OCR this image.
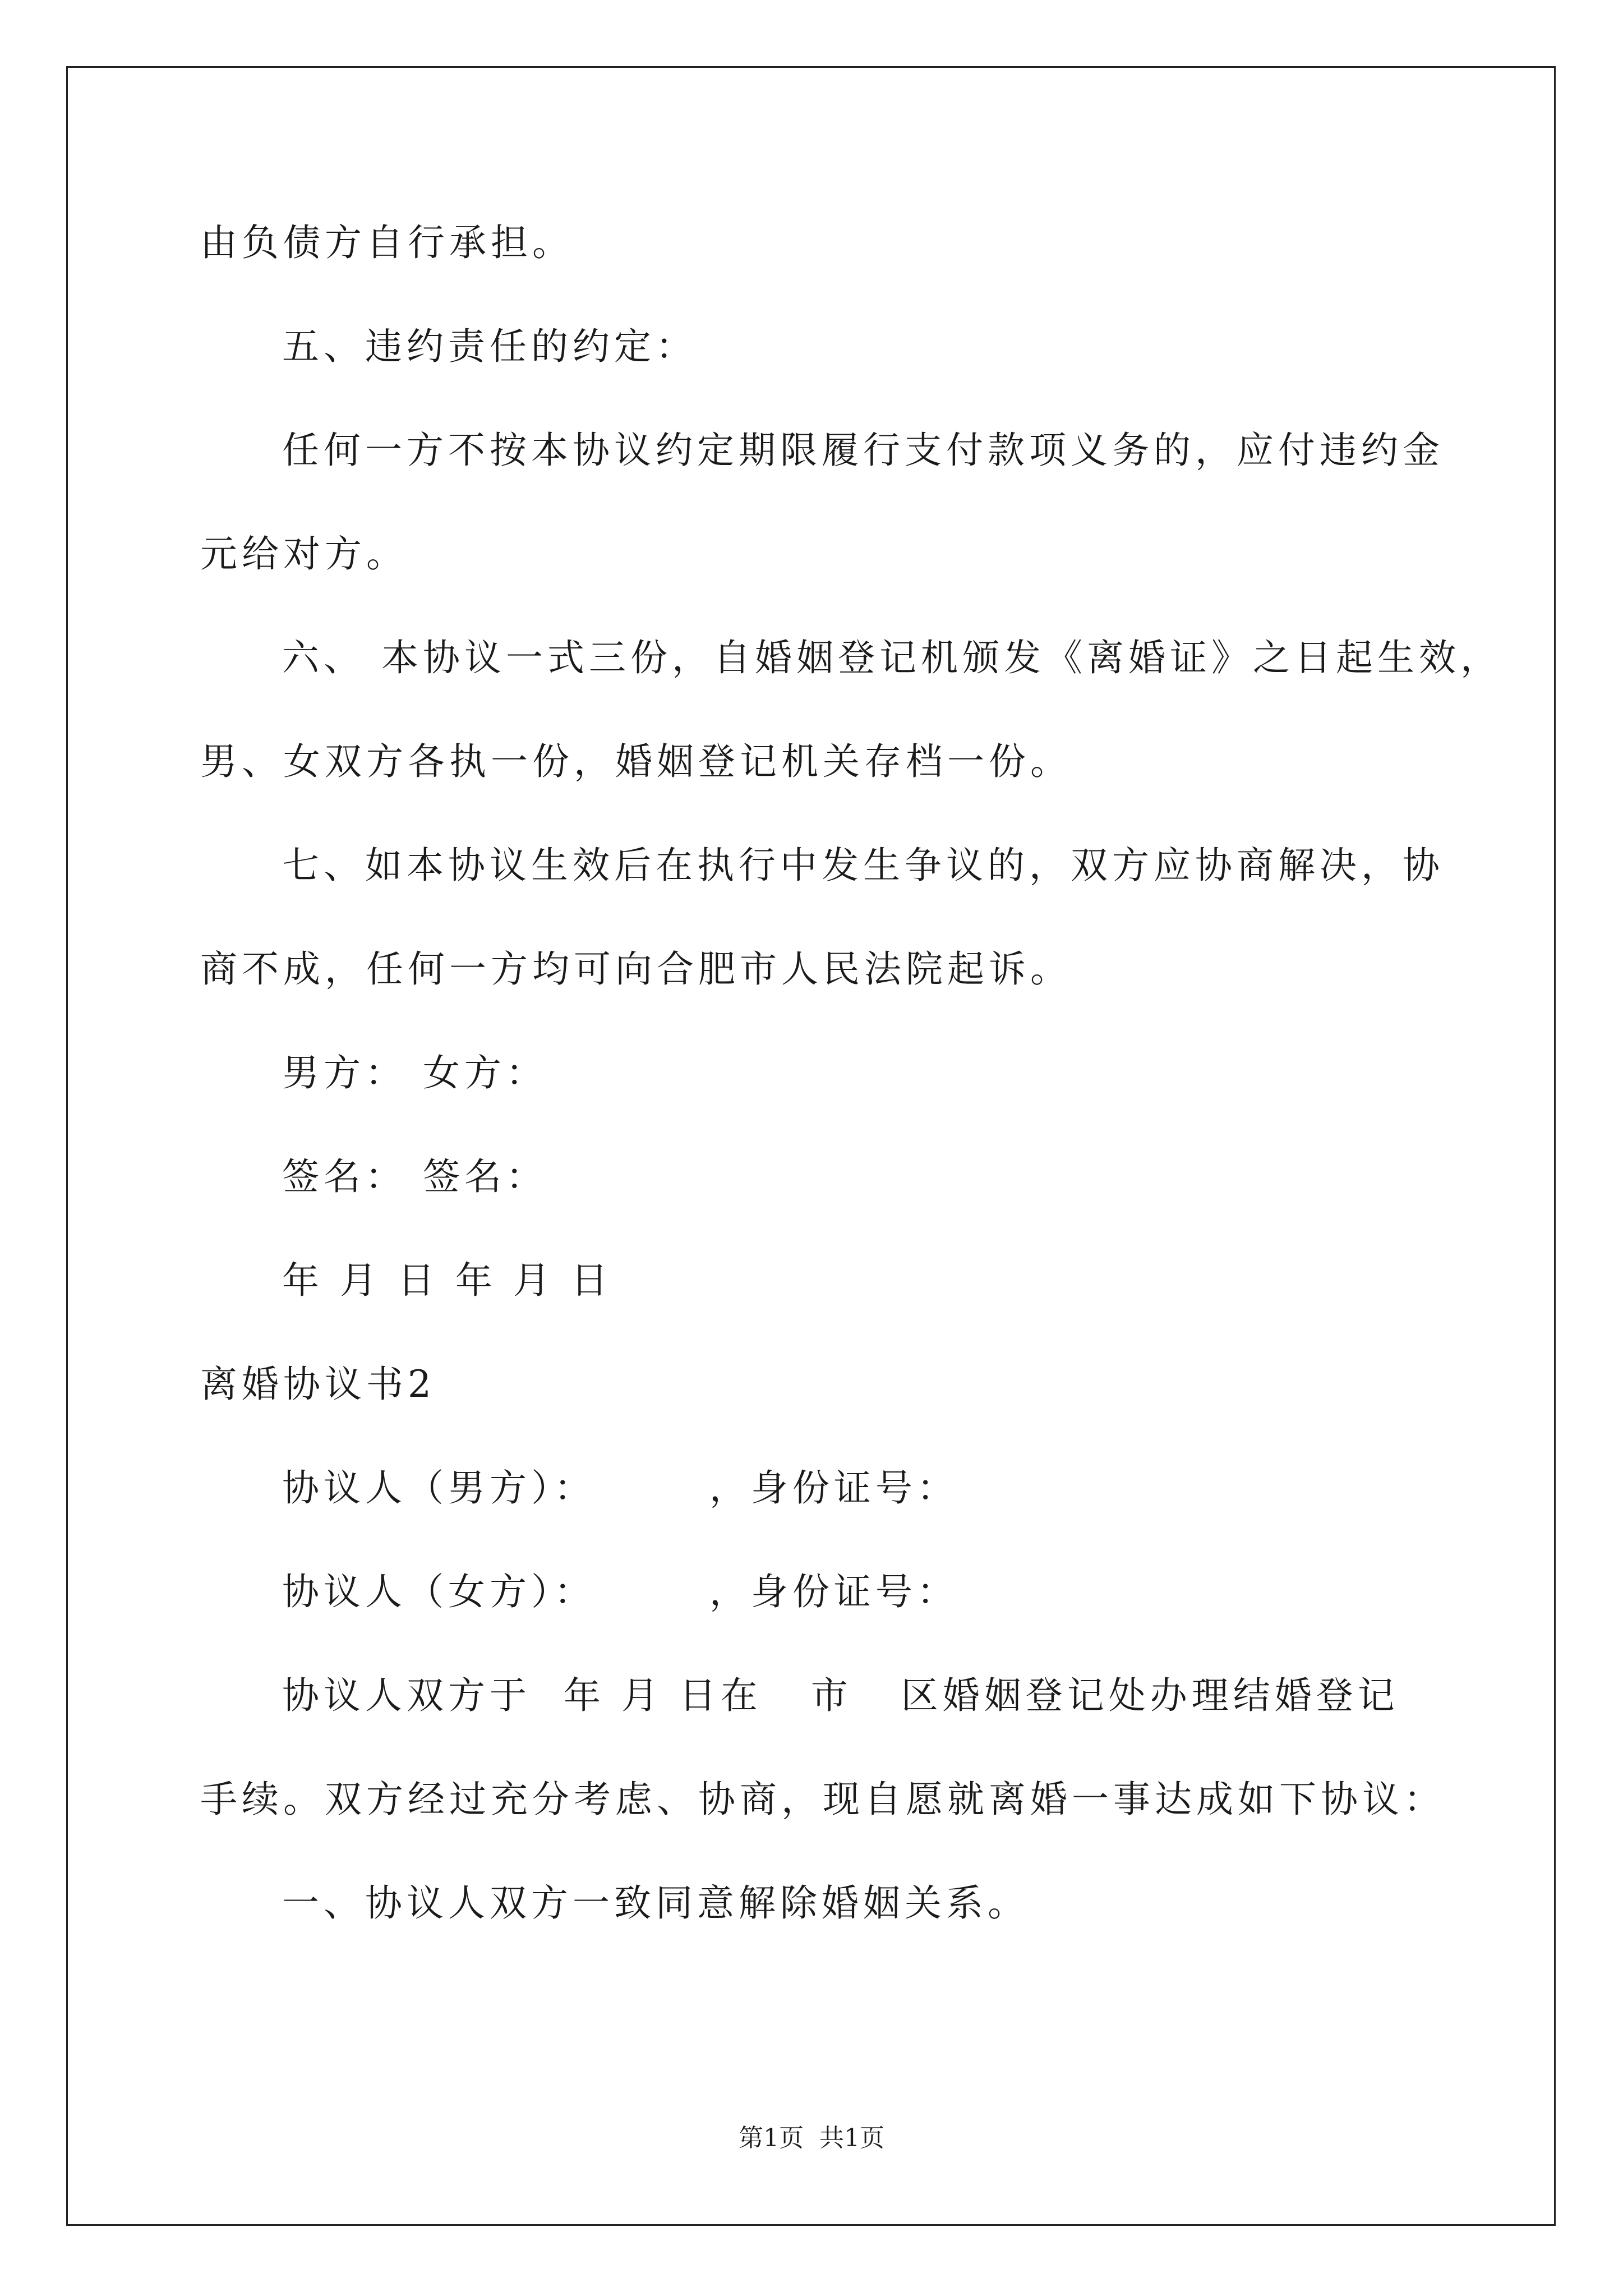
由负债方自行承担。
五、违约责任的约定：
任何一方不按本协议约定期限履行支付款项义务的，应付违约金
元给对方。
六、 本协议一式三份，自婚姻登记机颁发《离婚证》之日起生效，
男、女双方各执一份，婚姻登记机关存档一份。
七、如本协议生效后在执行中发生争议的，双方应协商解决，协
商不成，任何一方均可向合肥市人民法院起诉。
男方： 女方：
签名： 签名：
年 月 日 年 月 日
离婚协议书2
协议人（男方）：       ，身份证号：
协议人（女方）：       ，身份证号：
协议人双方于  年 月 日在   市   区婚姻登记处办理结婚登记
手续。双方经过充分考虑、协商，现自愿就离婚一事达成如下协议：
一、协议人双方一致同意解除婚姻关系。
第1页  共1页
